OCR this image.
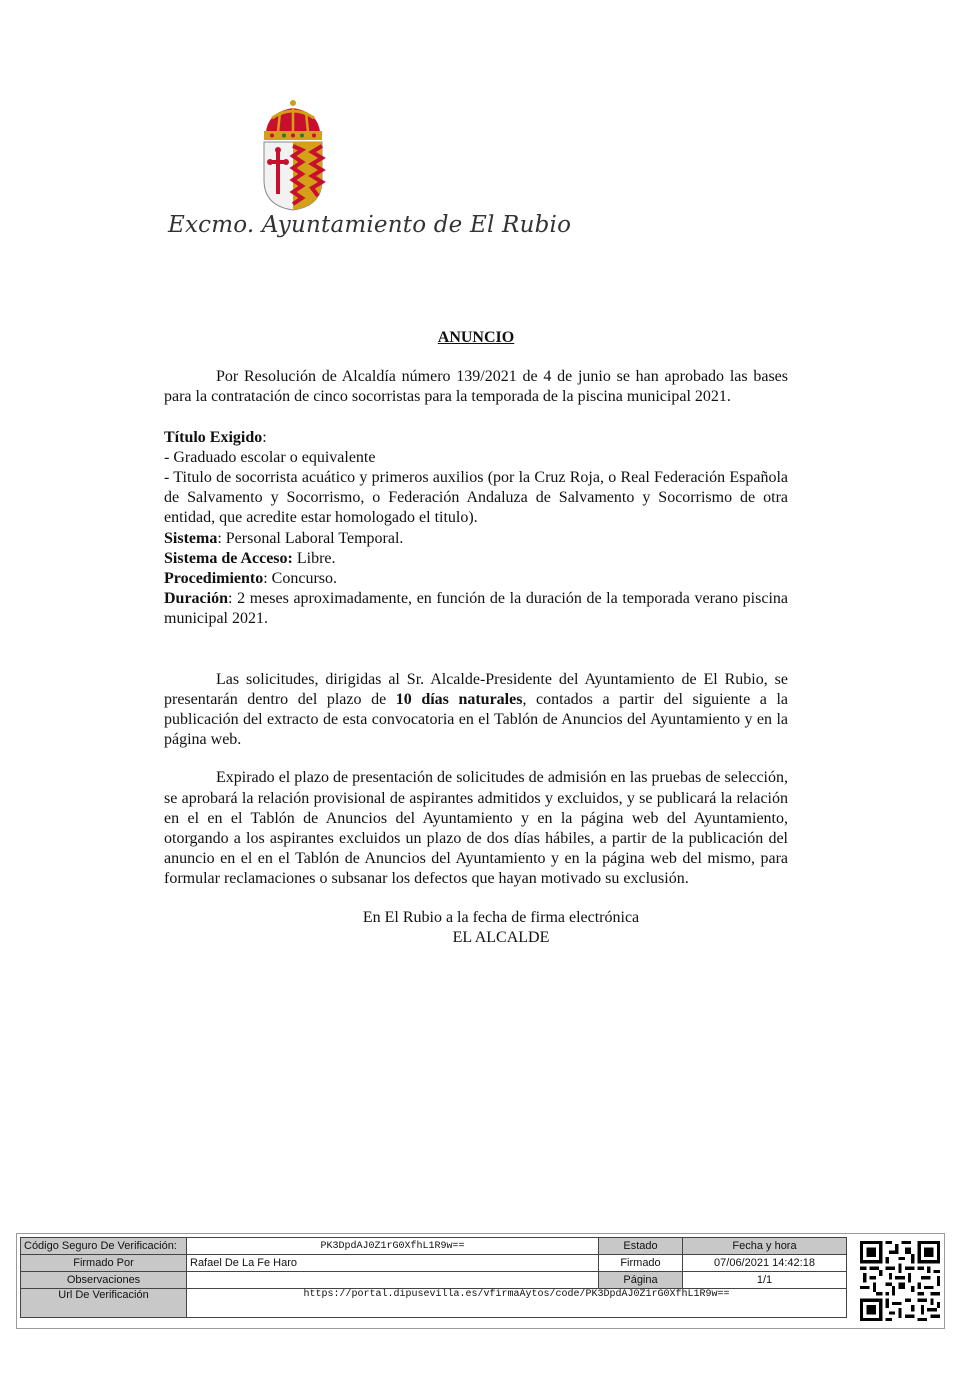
Excmo. Ayuntamiento de El Rubio

ANUNCIO

Por Resolución de Alcaldía número 139/2021 de 4 de junio se han aprobado las bases para la contratación de cinco socorristas para la temporada de la piscina municipal 2021.

Título Exigido:

- Graduado escolar o equivalente

- Titulo de socorrista acuático y primeros auxilios (por la Cruz Roja, o Real Federación Española de Salvamento y Socorrismo, o Federación Andaluza de Salvamento y Socorrismo de otra entidad, que acredite estar homologado el titulo).

Sistema: Personal Laboral Temporal.

Sistema de Acceso: Libre.

Procedimiento: Concurso.

Duración: 2 meses aproximadamente, en función de la duración de la temporada verano piscina municipal 2021.

Las solicitudes, dirigidas al Sr. Alcalde-Presidente del Ayuntamiento de El Rubio, se presentarán dentro del plazo de 10 días naturales, contados a partir del siguiente a la publicación del extracto de esta convocatoria en el Tablón de Anuncios del Ayuntamiento y en la página web.

Expirado el plazo de presentación de solicitudes de admisión en las pruebas de selección, se aprobará la relación provisional de aspirantes admitidos y excluidos, y se publicará la relación en el en el Tablón de Anuncios del Ayuntamiento y en la página web del Ayuntamiento, otorgando a los aspirantes excluidos un plazo de dos días hábiles, a partir de la publicación del anuncio en el en el Tablón de Anuncios del Ayuntamiento y en la página web del mismo, para formular reclamaciones o subsanar los defectos que hayan motivado su exclusión.

En El Rubio a la fecha de firma electrónica

EL ALCALDE

Código Seguro De Verificación:	PK3DpdAJ0Z1rG0XfhL1R9w==	Estado	Fecha y hora
Firmado Por	Rafael De La Fe Haro	Firmado	07/06/2021 14:42:18
Observaciones		Página	1/1
Url De Verificación	https://portal.dipusevilla.es/vfirmaAytos/code/PK3DpdAJ0Z1rG0XfhL1R9w==		
